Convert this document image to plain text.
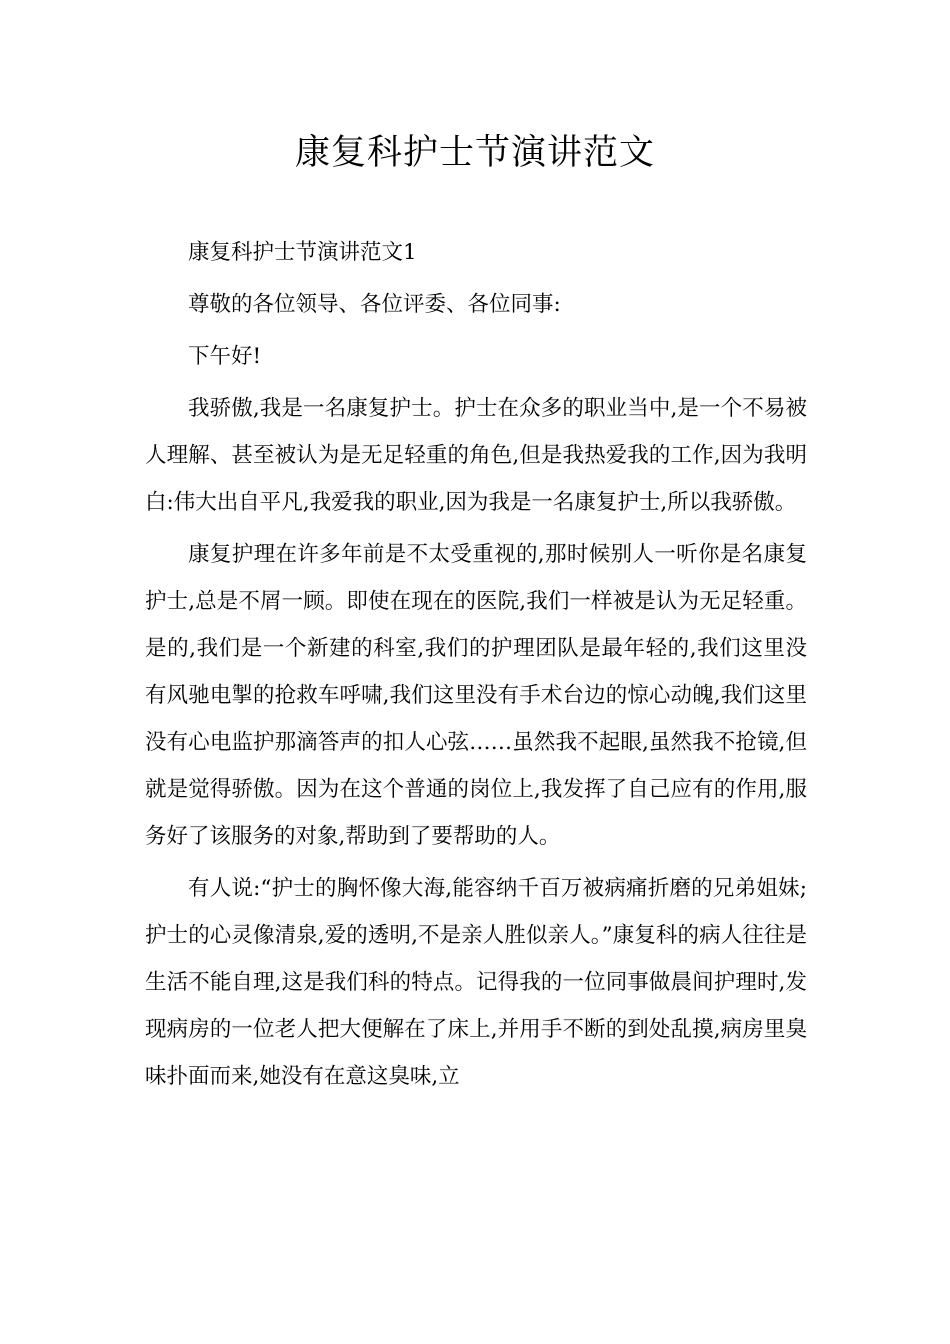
康复科护士节演讲范文

康复科护士节演讲范文1

尊敬的各位领导、各位评委、各位同事:

下午好!

我骄傲,我是一名康复护士。护士在众多的职业当中,是一个不易被人理解、甚至被认为是无足轻重的角色,但是我热爱我的工作,因为我明白:伟大出自平凡,我爱我的职业,因为我是一名康复护士,所以我骄傲。

康复护理在许多年前是不太受重视的,那时候别人一听你是名康复护士,总是不屑一顾。即使在现在的医院,我们一样被是认为无足轻重。是的,我们是一个新建的科室,我们的护理团队是最年轻的,我们这里没有风驰电掣的抢救车呼啸,我们这里没有手术台边的惊心动魄,我们这里没有心电监护那滴答声的扣人心弦……虽然我不起眼,虽然我不抢镜,但就是觉得骄傲。因为在这个普通的岗位上,我发挥了自己应有的作用,服务好了该服务的对象,帮助到了要帮助的人。

有人说:“护士的胸怀像大海,能容纳千百万被病痛折磨的兄弟姐妹;护士的心灵像清泉,爱的透明,不是亲人胜似亲人。”康复科的病人往往是生活不能自理,这是我们科的特点。记得我的一位同事做晨间护理时,发现病房的一位老人把大便解在了床上,并用手不断的到处乱摸,病房里臭味扑面而来,她没有在意这臭味,立
